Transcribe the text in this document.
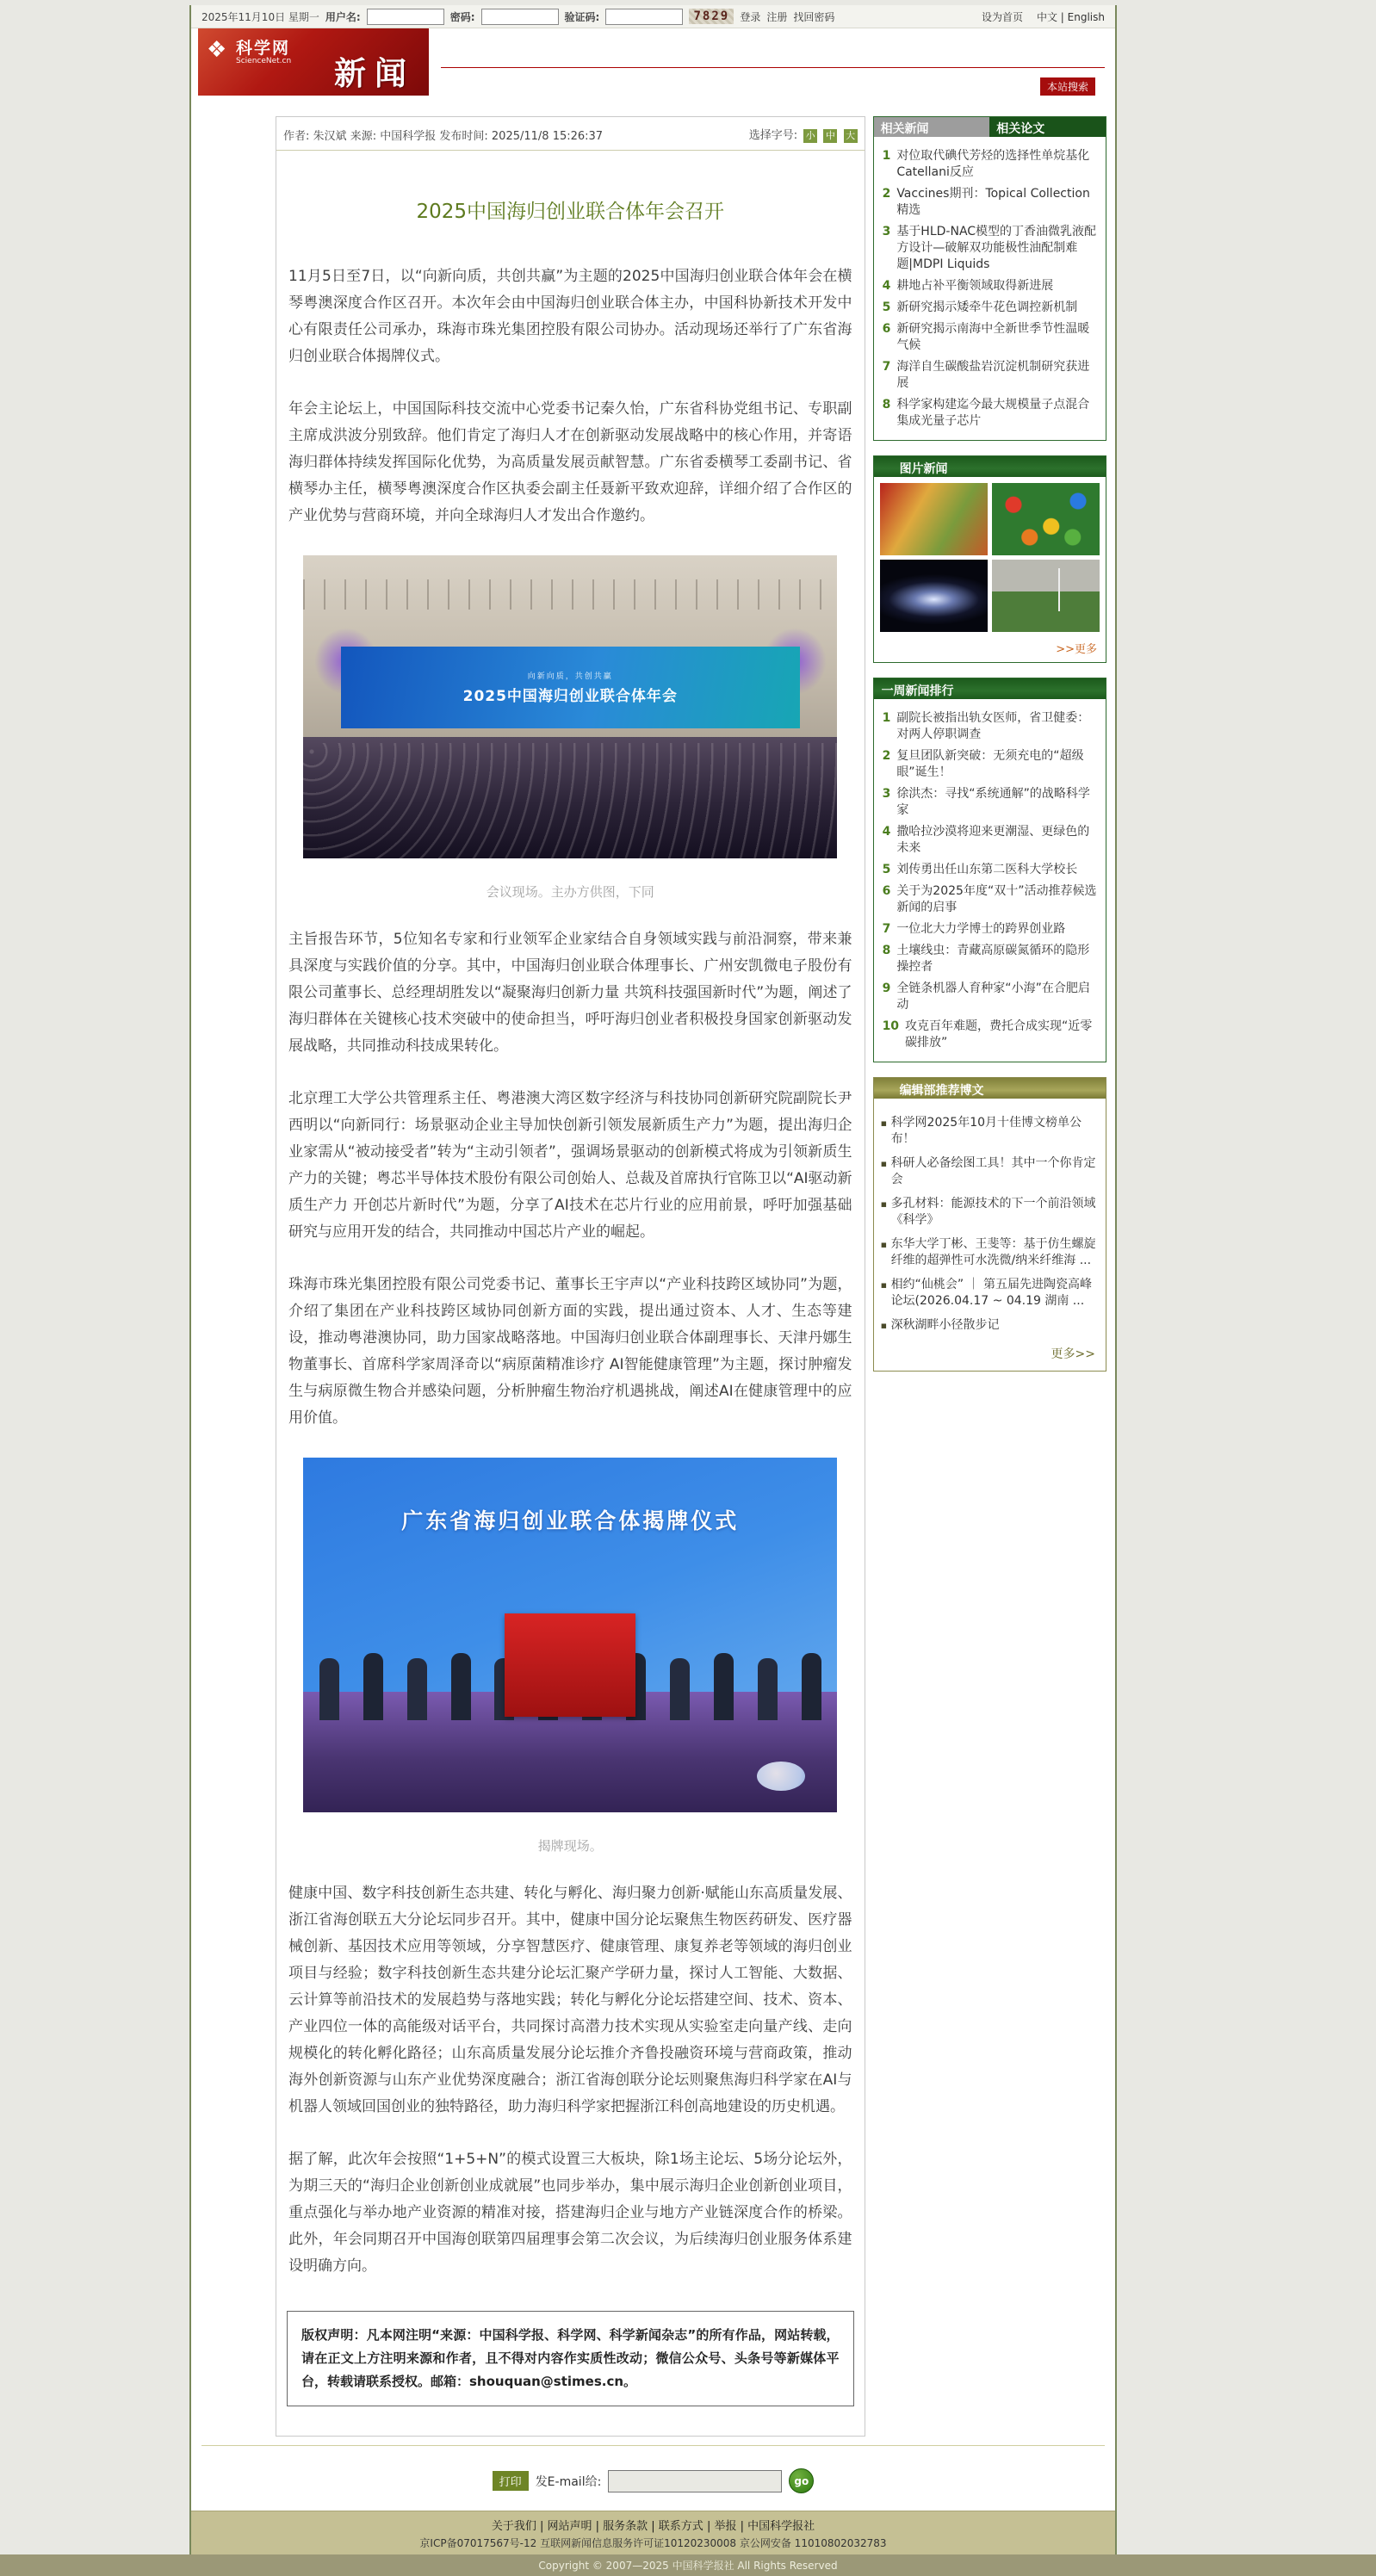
2025年11月10日 星期一 用户名:	密码:	验证码:	7829	登录 注册 找回密码	设为首页 中文 | English
❖ 科学网
ScienceNet.cn 新闻	本站搜索
作者: 朱汉斌 来源: 中国科学报 发布时间: 2025/11/8 15:26:37	选择字号: 小 中 大
2025中国海归创业联合体年会召开

11月5日至7日，以“向新向质，共创共赢”为主题的2025中国海归创业联合体年会在横琴粤澳深度合作区召开。本次年会由中国海归创业联合体主办，中国科协新技术开发中心有限责任公司承办，珠海市珠光集团控股有限公司协办。活动现场还举行了广东省海归创业联合体揭牌仪式。

年会主论坛上，中国国际科技交流中心党委书记秦久怡，广东省科协党组书记、专职副主席成洪波分别致辞。他们肯定了海归人才在创新驱动发展战略中的核心作用，并寄语海归群体持续发挥国际化优势，为高质量发展贡献智慧。广东省委横琴工委副书记、省横琴办主任，横琴粤澳深度合作区执委会副主任聂新平致欢迎辞，详细介绍了合作区的产业优势与营商环境，并向全球海归人才发出合作邀约。

向新向质，共创共赢
2025中国海归创业联合体年会
会议现场。主办方供图，下同

主旨报告环节，5位知名专家和行业领军企业家结合自身领域实践与前沿洞察，带来兼具深度与实践价值的分享。其中，中国海归创业联合体理事长、广州安凯微电子股份有限公司董事长、总经理胡胜发以“凝聚海归创新力量 共筑科技强国新时代”为题，阐述了海归群体在关键核心技术突破中的使命担当，呼吁海归创业者积极投身国家创新驱动发展战略，共同推动科技成果转化。

北京理工大学公共管理系主任、粤港澳大湾区数字经济与科技协同创新研究院副院长尹西明以“向新同行：场景驱动企业主导加快创新引领发展新质生产力”为题，提出海归企业家需从“被动接受者”转为“主动引领者”，强调场景驱动的创新模式将成为引领新质生产力的关键；粤芯半导体技术股份有限公司创始人、总裁及首席执行官陈卫以“AI驱动新质生产力 开创芯片新时代”为题，分享了AI技术在芯片行业的应用前景，呼吁加强基础研究与应用开发的结合，共同推动中国芯片产业的崛起。

珠海市珠光集团控股有限公司党委书记、董事长王宇声以“产业科技跨区域协同”为题，介绍了集团在产业科技跨区域协同创新方面的实践，提出通过资本、人才、生态等建设，推动粤港澳协同，助力国家战略落地。中国海归创业联合体副理事长、天津丹娜生物董事长、首席科学家周泽奇以“病原菌精准诊疗 AI智能健康管理”为主题，探讨肿瘤发生与病原微生物合并感染问题，分析肿瘤生物治疗机遇挑战，阐述AI在健康管理中的应用价值。

广东省海归创业联合体揭牌仪式
揭牌现场。

健康中国、数字科技创新生态共建、转化与孵化、海归聚力创新·赋能山东高质量发展、浙江省海创联五大分论坛同步召开。其中，健康中国分论坛聚焦生物医药研发、医疗器械创新、基因技术应用等领域，分享智慧医疗、健康管理、康复养老等领域的海归创业项目与经验；数字科技创新生态共建分论坛汇聚产学研力量，探讨人工智能、大数据、云计算等前沿技术的发展趋势与落地实践；转化与孵化分论坛搭建空间、技术、资本、产业四位一体的高能级对话平台，共同探讨高潜力技术实现从实验室走向量产线、走向规模化的转化孵化路径；山东高质量发展分论坛推介齐鲁投融资环境与营商政策，推动海外创新资源与山东产业优势深度融合；浙江省海创联分论坛则聚焦海归科学家在AI与机器人领域回国创业的独特路径，助力海归科学家把握浙江科创高地建设的历史机遇。

据了解，此次年会按照“1+5+N”的模式设置三大板块，除1场主论坛、5场分论坛外，为期三天的“海归企业创新创业成就展”也同步举办，集中展示海归企业创新创业项目，重点强化与举办地产业资源的精准对接，搭建海归企业与地方产业链深度合作的桥梁。此外，年会同期召开中国海创联第四届理事会第二次会议，为后续海归创业服务体系建设明确方向。

版权声明：凡本网注明“来源：中国科学报、科学网、科学新闻杂志”的所有作品，网站转载，请在正文上方注明来源和作者，且不得对内容作实质性改动；微信公众号、头条号等新媒体平台，转载请联系授权。邮箱：shouquan@stimes.cn。
相关新闻	相关论文
1 对位取代碘代芳烃的选择性单烷基化Catellani反应
2 Vaccines期刊：Topical Collection精选
3 基于HLD-NAC模型的丁香油微乳液配方设计—破解双功能极性油配制难题|MDPI Liquids
4 耕地占补平衡领域取得新进展
5 新研究揭示矮牵牛花色调控新机制
6 新研究揭示南海中全新世季节性温暖气候
7 海洋自生碳酸盐岩沉淀机制研究获进展
8 科学家构建迄今最大规模量子点混合集成光量子芯片
图片新闻
>>更多
一周新闻排行
1 副院长被指出轨女医师，省卫健委：对两人停职调查
2 复旦团队新突破：无须充电的“超级眼”诞生！
3 徐洪杰：寻找“系统通解”的战略科学家
4 撒哈拉沙漠将迎来更潮湿、更绿色的未来
5 刘传勇出任山东第二医科大学校长
6 关于为2025年度“双十”活动推荐候选新闻的启事
7 一位北大力学博士的跨界创业路
8 土壤线虫：青藏高原碳氮循环的隐形操控者
9 全链条机器人育种家“小海”在合肥启动
10 攻克百年难题，费托合成实现“近零碳排放”
编辑部推荐博文
▪ 科学网2025年10月十佳博文榜单公布！
▪ 科研人必备绘图工具！其中一个你肯定会
▪ 多孔材料：能源技术的下一个前沿领域《科学》
▪ 东华大学丁彬、王斐等：基于仿生螺旋纤维的超弹性可水洗微/纳米纤维海 ...
▪ 相约“仙桃会” ｜ 第五届先进陶瓷高峰论坛(2026.04.17 ~ 04.19 湖南 ...
▪ 深秋湖畔小径散步记
更多>>
打印	发E-mail给:	go
关于我们 | 网站声明 | 服务条款 | 联系方式 | 举报 | 中国科学报社
京ICP备07017567号-12 互联网新闻信息服务许可证10120230008 京公网安备 11010802032783
Copyright © 2007—2025 中国科学报社 All Rights Reserved
